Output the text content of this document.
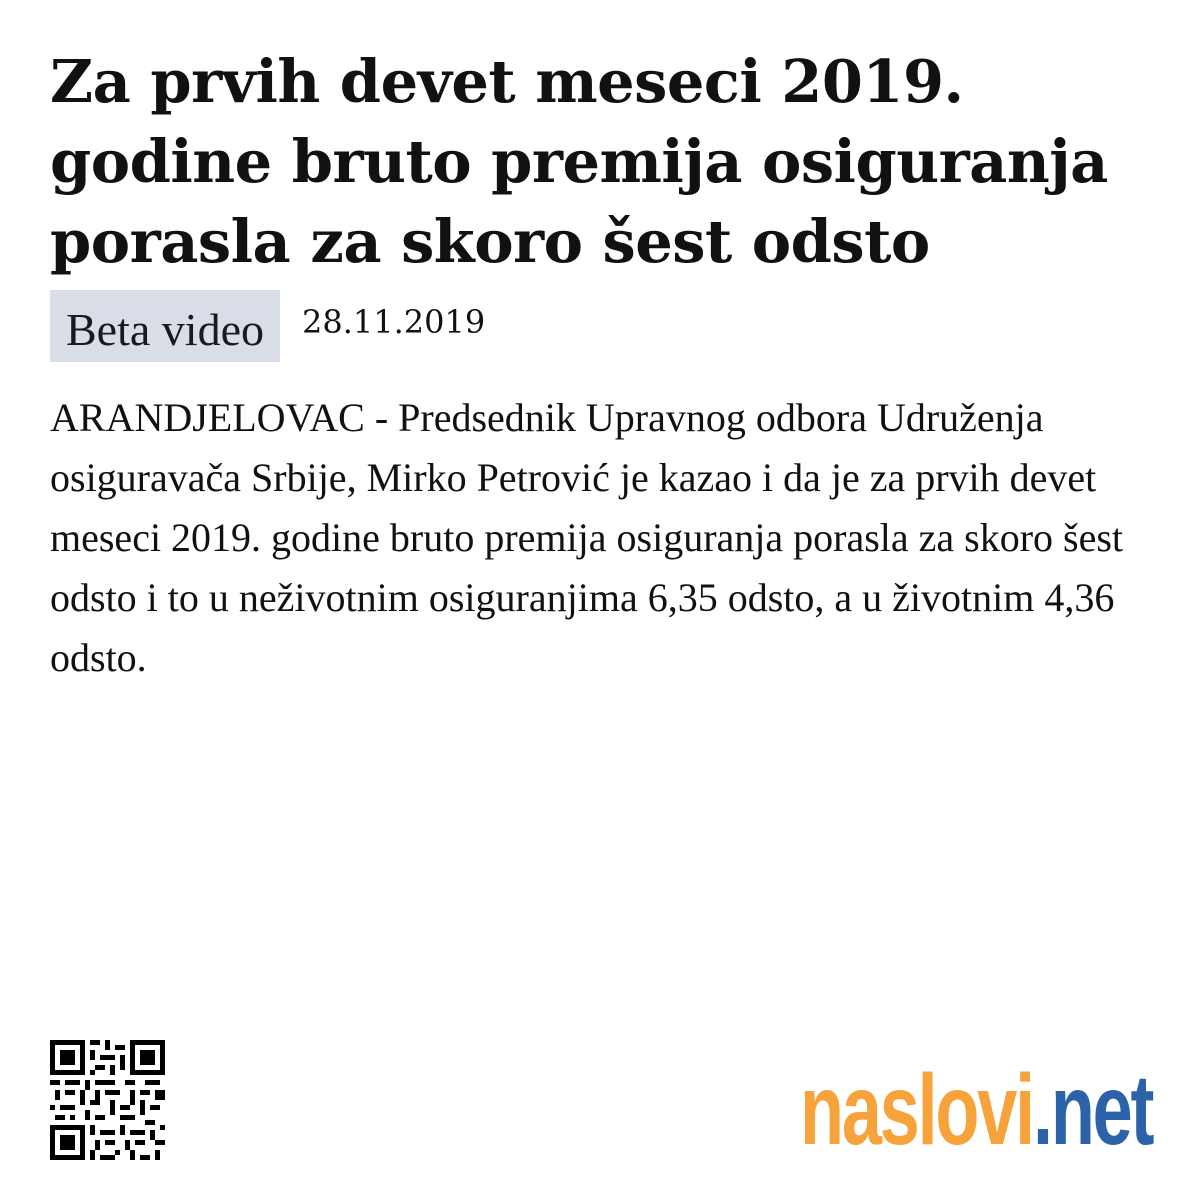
Za prvih devet meseci 2019. godine bruto premija osiguranja porasla za skoro šest odsto
Beta video	28.11.2019

ARANDJELOVAC - Predsednik Upravnog odbora Udruženja osiguravača Srbije, Mirko Petrović je kazao i da je za prvih devet meseci 2019. godine bruto premija osiguranja porasla za skoro šest odsto i to u neživotnim osiguranjima 6,35 odsto, a u životnim 4,36 odsto.

naslovi.net
